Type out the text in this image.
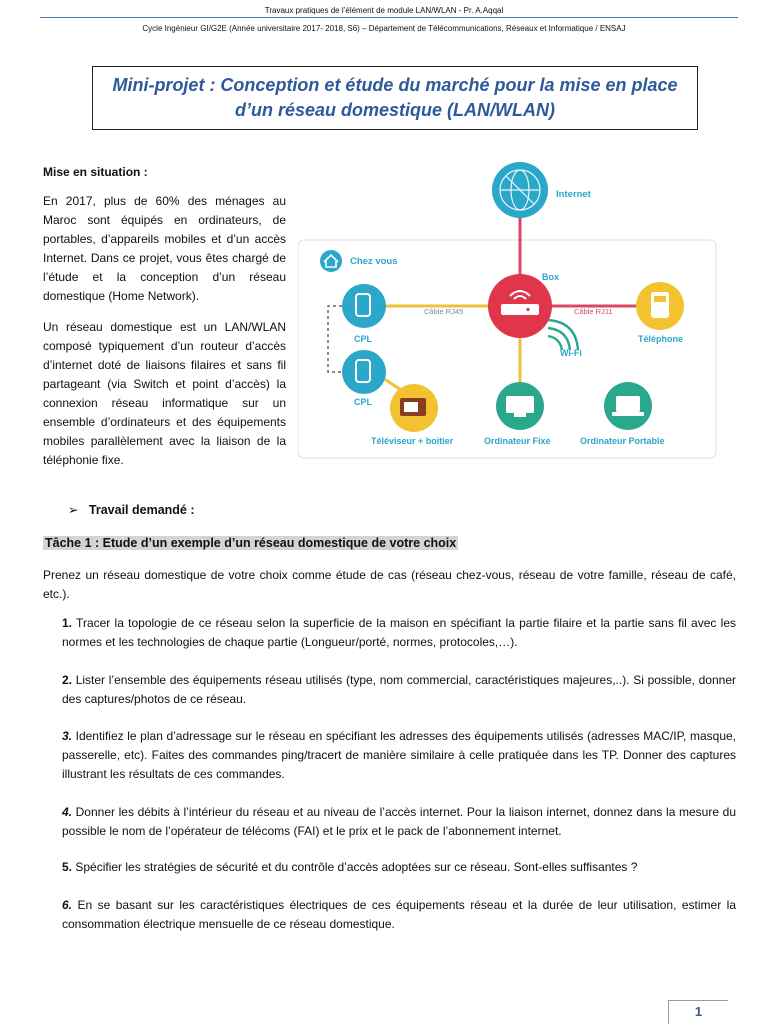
Travaux pratiques de l’élément de module LAN/WLAN - Pr. A.Aqqal
Cycle Ingénieur GI/G2E (Année universitaire 2017- 2018, S6) – Département de Télécommunications, Réseaux et Informatique / ENSAJ
Mini-projet : Conception et étude du marché pour la mise en place
d’un réseau domestique (LAN/WLAN)
Mise en situation :
En 2017, plus de 60% des ménages au Maroc sont équipés en ordinateurs, de portables, d’appareils mobiles et d’un accès Internet. Dans ce projet, vous êtes chargé de l’étude et la conception d’un réseau domestique (Home Network).
Un réseau domestique est un LAN/WLAN composé typiquement d’un routeur d’accès d’internet doté de liaisons filaires et sans fil partageant (via Switch et point d’accès) la connexion réseau informatique sur un ensemble d’ordinateurs et des équipements mobiles parallèlement avec la liaison de la téléphonie fixe.
Internet
Chez vous
Box
Câble RJ45	Câble RJ11
CPL
CPL
Téléphone
Wi-Fi
Téléviseur + boitier	Ordinateur Fixe	Ordinateur Portable
➢ Travail demandé :
Tâche 1 : Etude d’un exemple d’un réseau domestique de votre choix
Prenez un réseau domestique de votre choix comme étude de cas (réseau chez-vous, réseau de votre famille, réseau de café, etc.).
1. Tracer la topologie de ce réseau selon la superficie de la maison en spécifiant la partie filaire et la partie sans fil avec les normes et les technologies de chaque partie (Longueur/porté, normes, protocoles,…).
2. Lister l’ensemble des équipements réseau utilisés (type, nom commercial, caractéristiques majeures,..). Si possible, donner des captures/photos de ce réseau.
3. Identifiez le plan d’adressage sur le réseau en spécifiant les adresses des équipements utilisés (adresses MAC/IP, masque, passerelle, etc). Faites des commandes ping/tracert de manière similaire à celle pratiquée dans les TP. Donner des captures illustrant les résultats de ces commandes.
4. Donner les débits à l’intérieur du réseau et au niveau de l’accès internet. Pour la liaison internet, donnez dans la mesure du possible le nom de l’opérateur de télécoms (FAI) et le prix et le pack de l’abonnement internet.
5. Spécifier les stratégies de sécurité et du contrôle d’accès adoptées sur ce réseau. Sont-elles suffisantes ?
6. En se basant sur les caractéristiques électriques de ces équipements réseau et la durée de leur utilisation, estimer la consommation électrique mensuelle de ce réseau domestique.
1
